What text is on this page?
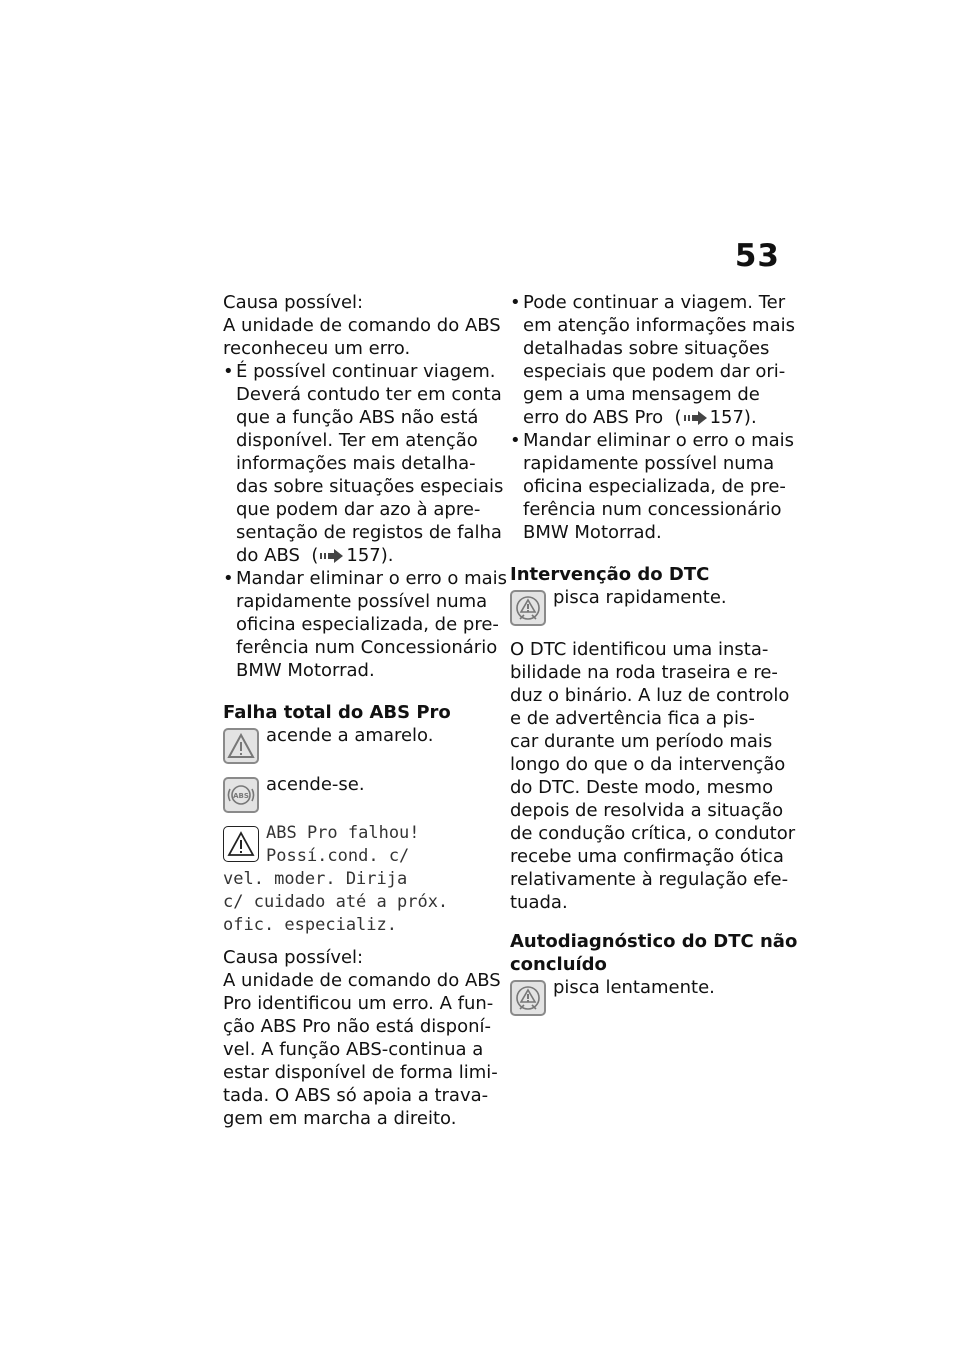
53

Causa possível:

A unidade de comando do ABS
reconheceu um erro.

• É possível continuar viagem.
Deverá contudo ter em conta
que a função ABS não está
disponível. Ter em atenção
informações mais detalha-
das sobre situações especiais
que podem dar azo à apre-
sentação de registos de falha
do ABS  ( 157).
• Mandar eliminar o erro o mais
rapidamente possível numa
oficina especializada, de pre-
ferência num Concessionário
BMW Motorrad.

Falha total do ABS Pro

acende a amarelo.
ABS
acende-se.
ABS Pro falhou!
Possí.cond. c/
vel. moder. Dirija
c/ cuidado até a próx.
ofic. especializ.

Causa possível:

A unidade de comando do ABS
Pro identificou um erro. A fun-
ção ABS Pro não está disponí-
vel. A função ABS-continua a
estar disponível de forma limi-
tada. O ABS só apoia a trava-
gem em marcha a direito.

• Pode continuar a viagem. Ter
em atenção informações mais
detalhadas sobre situações
especiais que podem dar ori-
gem a uma mensagem de
erro do ABS Pro  ( 157).
• Mandar eliminar o erro o mais
rapidamente possível numa
oficina especializada, de pre-
ferência num concessionário
BMW Motorrad.

Intervenção do DTC

pisca rapidamente.

O DTC identificou uma insta-
bilidade na roda traseira e re-
duz o binário. A luz de controlo
e de advertência fica a pis-
car durante um período mais
longo do que o da intervenção
do DTC. Deste modo, mesmo
depois de resolvida a situação
de condução crítica, o condutor
recebe uma confirmação ótica
relativamente à regulação efe-
tuada.

Autodiagnóstico do DTC não
concluído

pisca lentamente.
